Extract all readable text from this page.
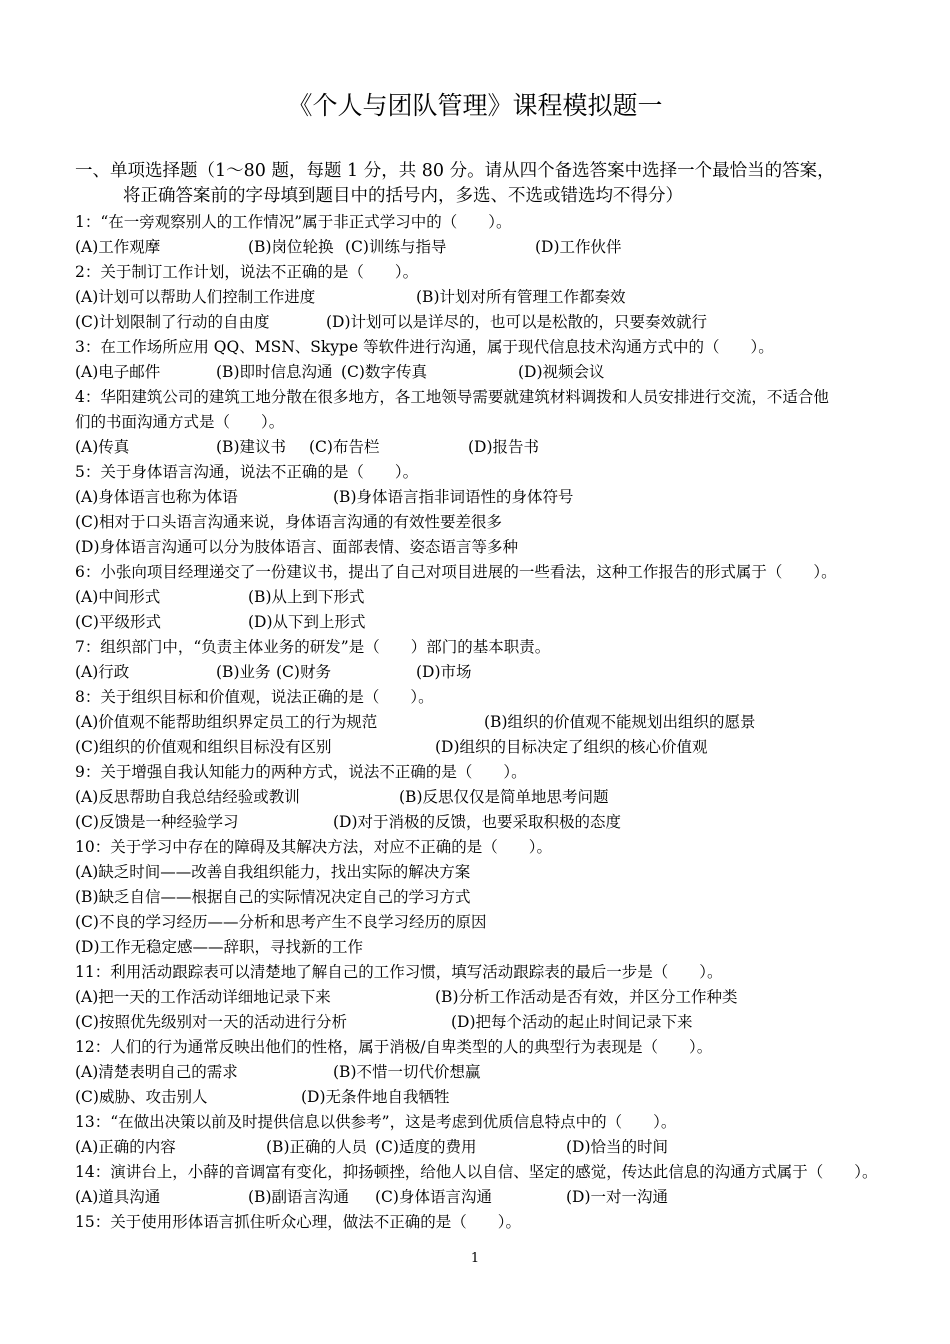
《个人与团队管理》课程模拟题一
一、单项选择题（1～80 题，每题 1 分，共 80 分。请从四个备选答案中选择一个最恰当的答案，
将正确答案前的字母填到题目中的括号内，多选、不选或错选均不得分）
1：“在一旁观察别人的工作情况”属于非正式学习中的（　　）。
(A)工作观摩	(B)岗位轮换 (C)训练与指导	(D)工作伙伴
2：关于制订工作计划，说法不正确的是（　　）。
(A)计划可以帮助人们控制工作进度	(B)计划对所有管理工作都奏效
(C)计划限制了行动的自由度	(D)计划可以是详尽的，也可以是松散的，只要奏效就行
3：在工作场所应用 QQ、MSN、Skype 等软件进行沟通，属于现代信息技术沟通方式中的（　　）。
(A)电子邮件	(B)即时信息沟通 (C)数字传真	(D)视频会议
4：华阳建筑公司的建筑工地分散在很多地方，各工地领导需要就建筑材料调拨和人员安排进行交流，不适合他
们的书面沟通方式是（　　）。
(A)传真	(B)建议书 (C)布告栏	(D)报告书
5：关于身体语言沟通，说法不正确的是（　　）。
(A)身体语言也称为体语	(B)身体语言指非词语性的身体符号
(C)相对于口头语言沟通来说，身体语言沟通的有效性要差很多
(D)身体语言沟通可以分为肢体语言、面部表情、姿态语言等多种
6：小张向项目经理递交了一份建议书，提出了自己对项目进展的一些看法，这种工作报告的形式属于（　　）。
(A)中间形式	(B)从上到下形式
(C)平级形式	(D)从下到上形式
7：组织部门中，“负责主体业务的研发”是（　　）部门的基本职责。
(A)行政	(B)业务 (C)财务	(D)市场
8：关于组织目标和价值观，说法正确的是（　　）。
(A)价值观不能帮助组织界定员工的行为规范	(B)组织的价值观不能规划出组织的愿景
(C)组织的价值观和组织目标没有区别	(D)组织的目标决定了组织的核心价值观
9：关于增强自我认知能力的两种方式，说法不正确的是（　　）。
(A)反思帮助自我总结经验或教训	(B)反思仅仅是简单地思考问题
(C)反馈是一种经验学习	(D)对于消极的反馈，也要采取积极的态度
10：关于学习中存在的障碍及其解决方法，对应不正确的是（　　）。
(A)缺乏时间——改善自我组织能力，找出实际的解决方案
(B)缺乏自信——根据自己的实际情况决定自己的学习方式
(C)不良的学习经历——分析和思考产生不良学习经历的原因
(D)工作无稳定感——辞职，寻找新的工作
11：利用活动跟踪表可以清楚地了解自己的工作习惯，填写活动跟踪表的最后一步是（　　）。
(A)把一天的工作活动详细地记录下来	(B)分析工作活动是否有效，并区分工作种类
(C)按照优先级别对一天的活动进行分析	(D)把每个活动的起止时间记录下来
12：人们的行为通常反映出他们的性格，属于消极/自卑类型的人的典型行为表现是（　　）。
(A)清楚表明自己的需求	(B)不惜一切代价想赢
(C)威胁、攻击别人	(D)无条件地自我牺牲
13：“在做出决策以前及时提供信息以供参考”，这是考虑到优质信息特点中的（　　）。
(A)正确的内容	(B)正确的人员 (C)适度的费用	(D)恰当的时间
14：演讲台上，小薛的音调富有变化，抑扬顿挫，给他人以自信、坚定的感觉，传达此信息的沟通方式属于（　　）。
(A)道具沟通	(B)副语言沟通 (C)身体语言沟通	(D)一对一沟通
15：关于使用形体语言抓住听众心理，做法不正确的是（　　）。
1
